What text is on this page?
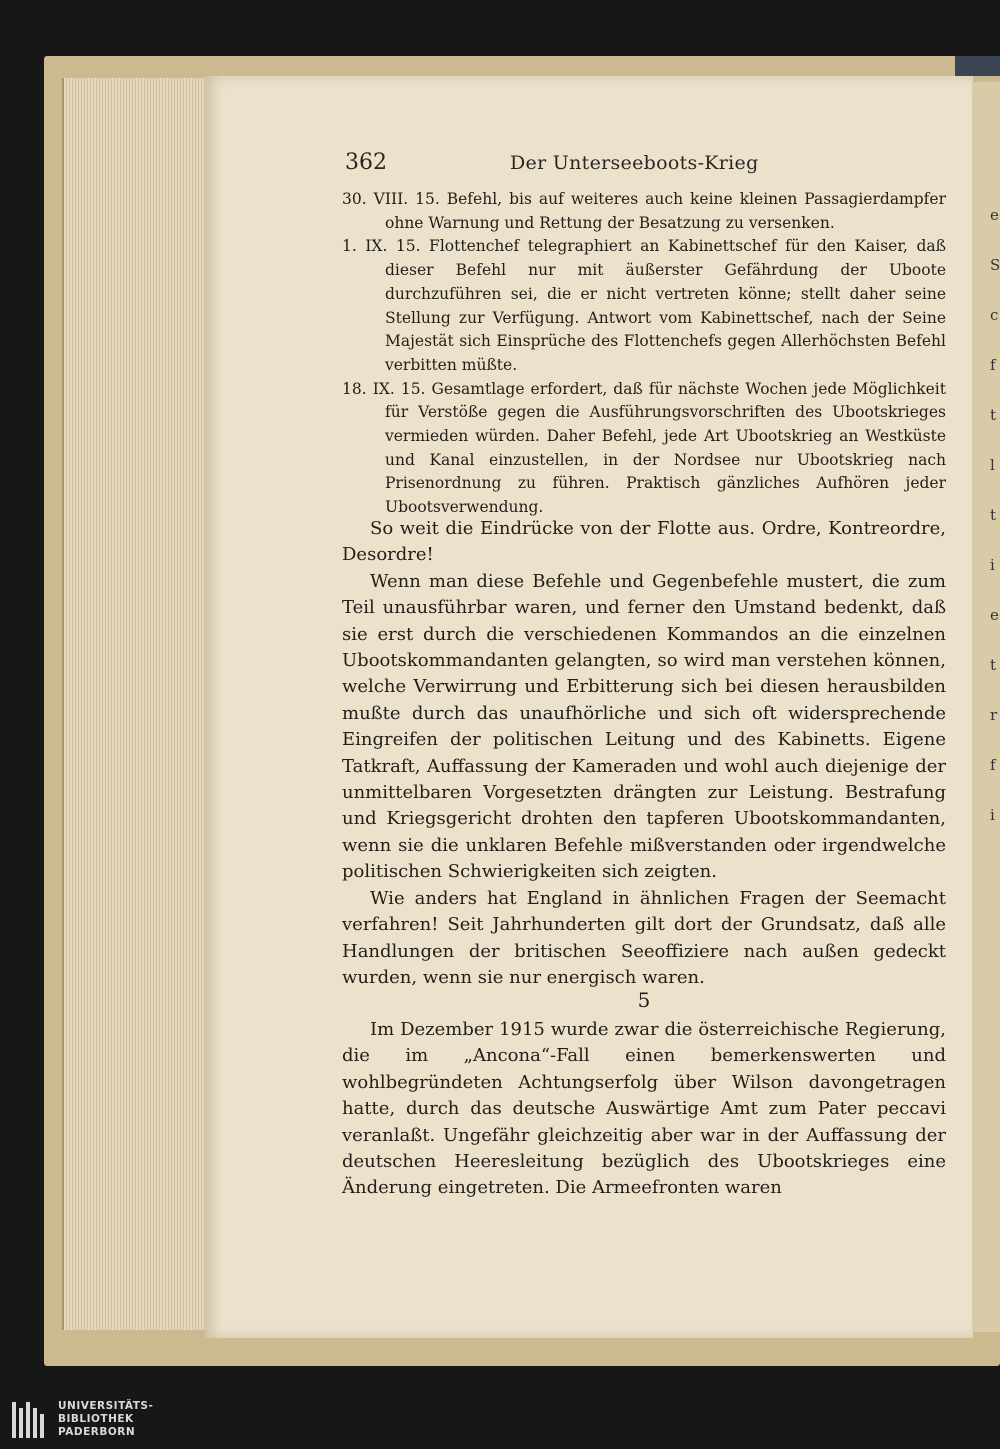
e
S
c
f
t
l
t
i
e
t
r
f
i
362	Der Unterseeboots-Krieg
30. VIII. 15. Befehl, bis auf weiteres auch keine kleinen Passagierdampfer ohne Warnung und Rettung der Besatzung zu versenken.
1. IX. 15. Flottenchef telegraphiert an Kabinettschef für den Kaiser, daß dieser Befehl nur mit äußerster Gefährdung der Uboote durchzuführen sei, die er nicht vertreten könne; stellt daher seine Stellung zur Verfügung. Antwort vom Kabinettschef, nach der Seine Majestät sich Einsprüche des Flottenchefs gegen Allerhöchsten Befehl verbitten müßte.
18. IX. 15. Gesamtlage erfordert, daß für nächste Wochen jede Möglichkeit für Verstöße gegen die Ausführungsvorschriften des Ubootskrieges vermieden würden. Daher Befehl, jede Art Ubootskrieg an Westküste und Kanal einzustellen, in der Nordsee nur Ubootskrieg nach Prisenordnung zu führen. Praktisch gänzliches Aufhören jeder Ubootsverwendung.

So weit die Eindrücke von der Flotte aus. Ordre, Kontreordre, Desordre!

Wenn man diese Befehle und Gegenbefehle mustert, die zum Teil unausführbar waren, und ferner den Umstand bedenkt, daß sie erst durch die verschiedenen Kommandos an die einzelnen Ubootskommandanten gelangten, so wird man verstehen können, welche Verwirrung und Erbitterung sich bei diesen herausbilden mußte durch das unaufhörliche und sich oft widersprechende Eingreifen der politischen Leitung und des Kabinetts. Eigene Tatkraft, Auffassung der Kameraden und wohl auch diejenige der unmittelbaren Vorgesetzten drängten zur Leistung. Bestrafung und Kriegsgericht drohten den tapferen Ubootskommandanten, wenn sie die unklaren Befehle mißverstanden oder irgendwelche politischen Schwierigkeiten sich zeigten.

Wie anders hat England in ähnlichen Fragen der Seemacht verfahren! Seit Jahrhunderten gilt dort der Grundsatz, daß alle Handlungen der britischen Seeoffiziere nach außen gedeckt wurden, wenn sie nur energisch waren.

5

Im Dezember 1915 wurde zwar die österreichische Regierung, die im „Ancona“-Fall einen bemerkenswerten und wohlbegründeten Achtungserfolg über Wilson davongetragen hatte, durch das deutsche Auswärtige Amt zum Pater peccavi veranlaßt. Ungefähr gleichzeitig aber war in der Auffassung der deutschen Heeresleitung bezüglich des Ubootskrieges eine Änderung eingetreten. Die Armeefronten waren

UNIVERSITÄTS-
BIBLIOTHEK
PADERBORN
